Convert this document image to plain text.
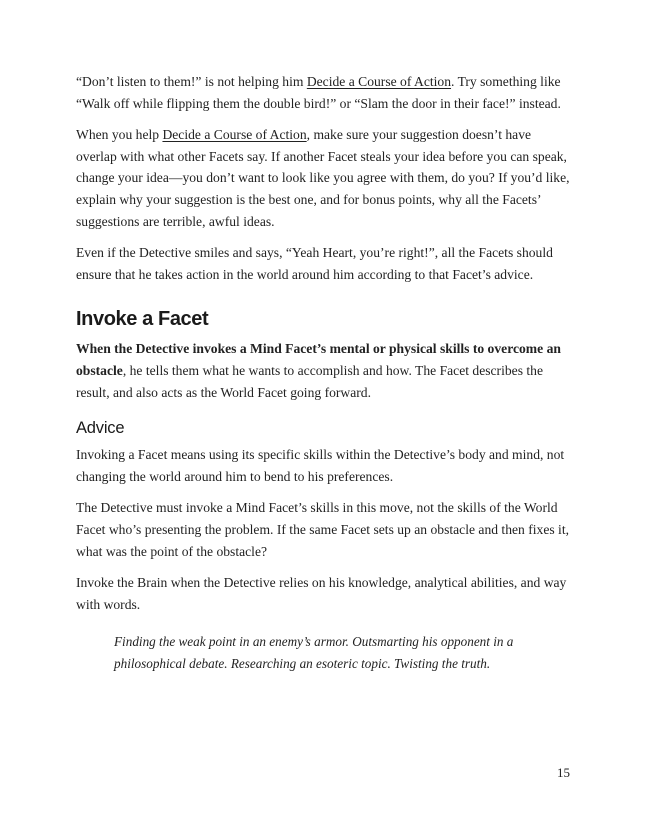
“Don’t listen to them!” is not helping him Decide a Course of Action. Try something like “Walk off while flipping them the double bird!” or “Slam the door in their face!” instead.

When you help Decide a Course of Action, make sure your suggestion doesn’t have overlap with what other Facets say. If another Facet steals your idea before you can speak, change your idea—you don’t want to look like you agree with them, do you? If you’d like, explain why your suggestion is the best one, and for bonus points, why all the Facets’ suggestions are terrible, awful ideas.

Even if the Detective smiles and says, “Yeah Heart, you’re right!”, all the Facets should ensure that he takes action in the world around him according to that Facet’s advice.

Invoke a Facet

When the Detective invokes a Mind Facet’s mental or physical skills to overcome an obstacle, he tells them what he wants to accomplish and how. The Facet describes the result, and also acts as the World Facet going forward.

Advice

Invoking a Facet means using its specific skills within the Detective’s body and mind, not changing the world around him to bend to his preferences.

The Detective must invoke a Mind Facet’s skills in this move, not the skills of the World Facet who’s presenting the problem. If the same Facet sets up an obstacle and then fixes it, what was the point of the obstacle?

Invoke the Brain when the Detective relies on his knowledge, analytical abilities, and way with words.

Finding the weak point in an enemy’s armor. Outsmarting his opponent in a philosophical debate. Researching an esoteric topic. Twisting the truth.

15
